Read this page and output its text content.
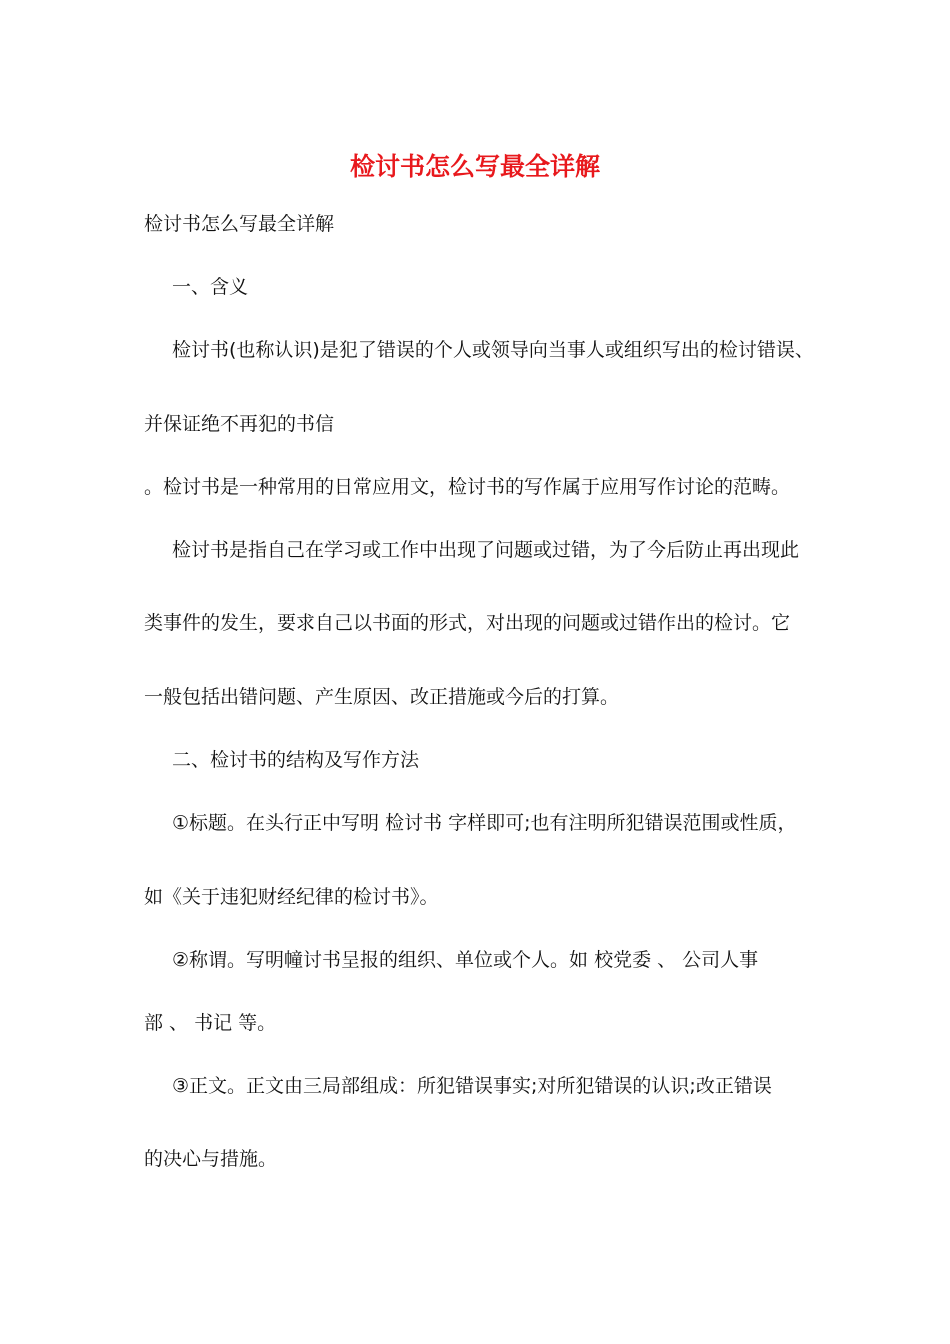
检讨书怎么写最全详解

检讨书怎么写最全详解

一、含义

检讨书(也称认识)是犯了错误的个人或领导向当事人或组织写出的检讨错误、

并保证绝不再犯的书信

。检讨书是一种常用的日常应用文，检讨书的写作属于应用写作讨论的范畴。

检讨书是指自己在学习或工作中出现了问题或过错，为了今后防止再出现此

类事件的发生，要求自己以书面的形式，对出现的问题或过错作出的检讨。它

一般包括出错问题、产生原因、改正措施或今后的打算。

二、检讨书的结构及写作方法

①标题。在头行正中写明 检讨书 字样即可;也有注明所犯错误范围或性质，

如《关于违犯财经纪律的检讨书》。

②称谓。写明幢讨书呈报的组织、单位或个人。如 校党委 、 公司人事

部 、 书记 等。

③正文。正文由三局部组成：所犯错误事实;对所犯错误的认识;改正错误

的决心与措施。
